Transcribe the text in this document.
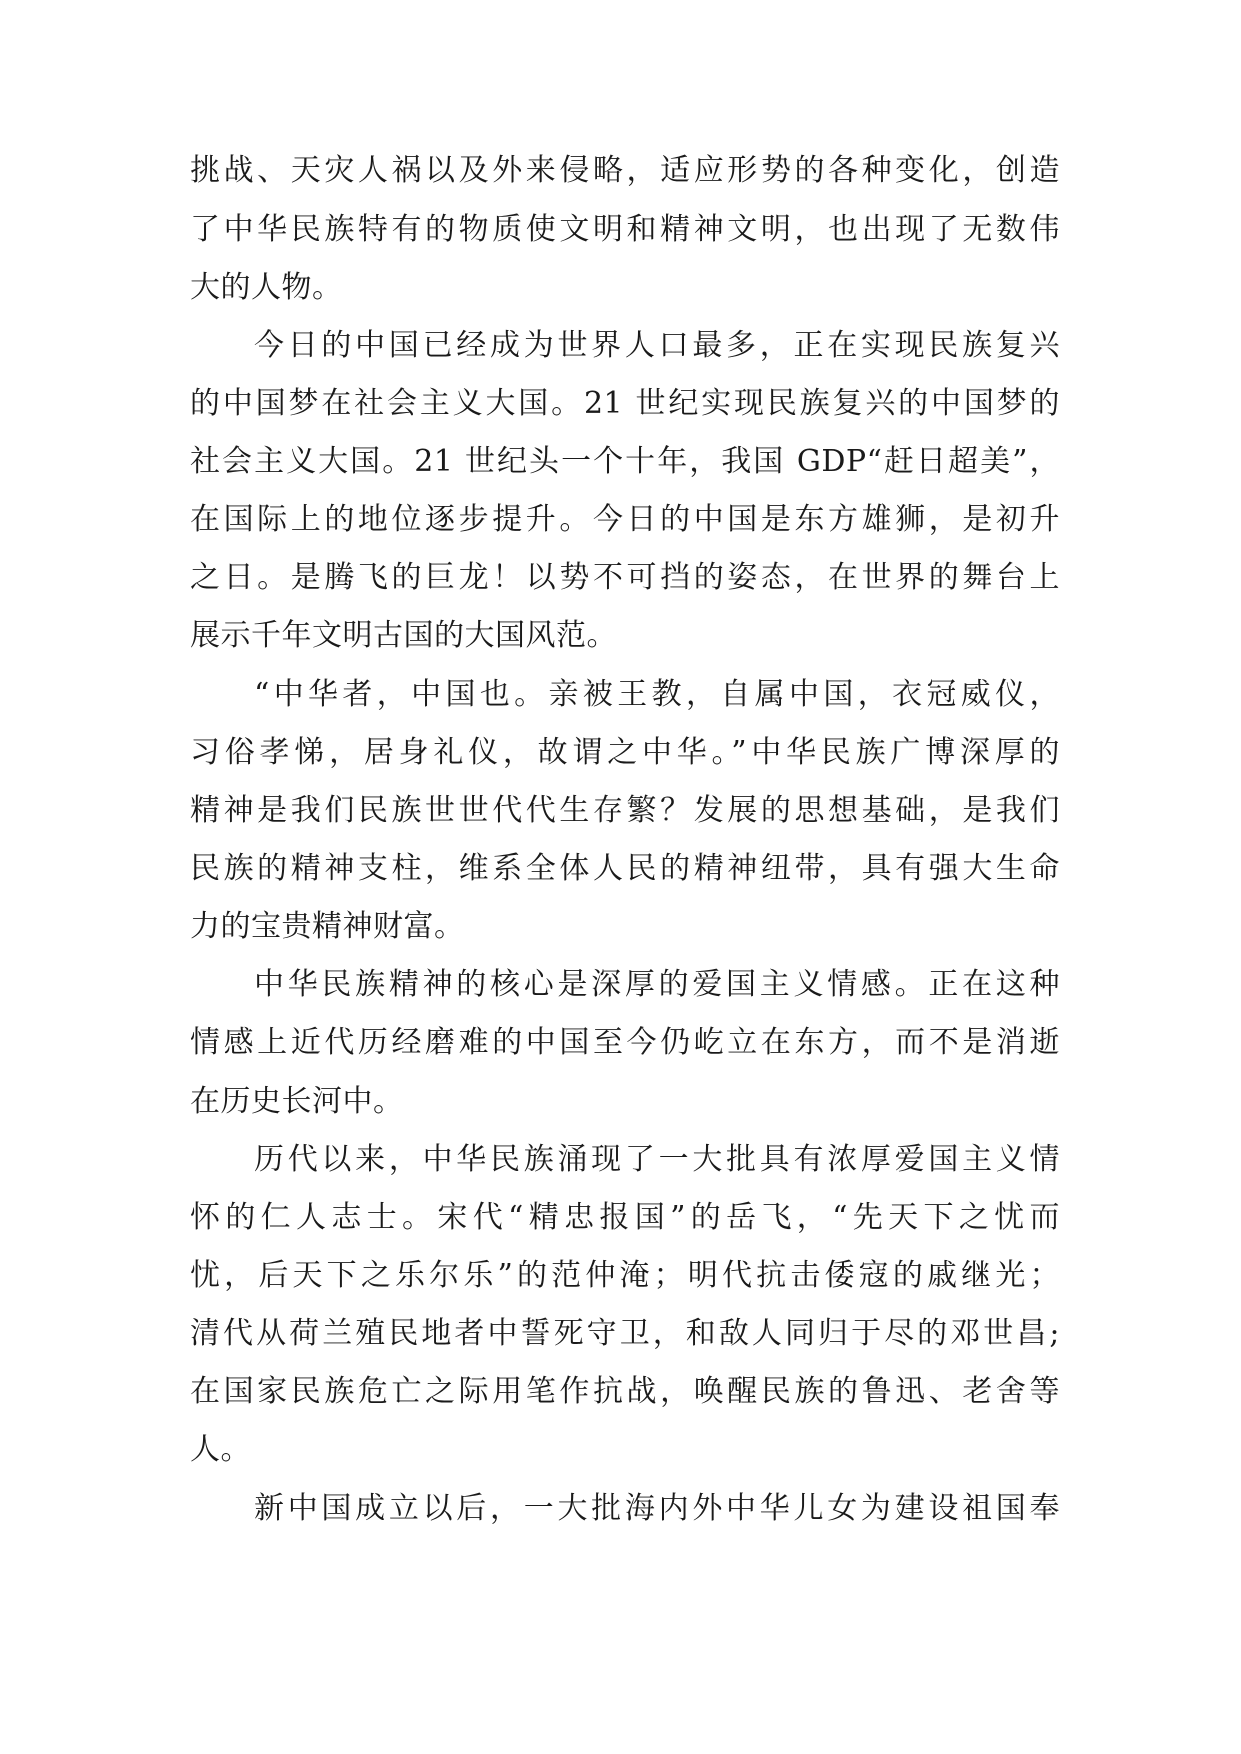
挑战、天灾人祸以及外来侵略，适应形势的各种变化，创造
了中华民族特有的物质使文明和精神文明，也出现了无数伟
大的人物。
今日的中国已经成为世界人口最多，正在实现民族复兴
的中国梦在社会主义大国。21 世纪实现民族复兴的中国梦的
社会主义大国。21 世纪头一个十年，我国 GDP“赶日超美”，
在国际上的地位逐步提升。今日的中国是东方雄狮，是初升
之日。是腾飞的巨龙！以势不可挡的姿态，在世界的舞台上
展示千年文明古国的大国风范。
“中华者，中国也。亲被王教，自属中国，衣冠威仪，
习俗孝悌，居身礼仪，故谓之中华。”中华民族广博深厚的
精神是我们民族世世代代生存繁？发展的思想基础，是我们
民族的精神支柱，维系全体人民的精神纽带，具有强大生命
力的宝贵精神财富。
中华民族精神的核心是深厚的爱国主义情感。正在这种
情感上近代历经磨难的中国至今仍屹立在东方，而不是消逝
在历史长河中。
历代以来，中华民族涌现了一大批具有浓厚爱国主义情
怀的仁人志士。宋代“精忠报国”的岳飞，“先天下之忧而
忧，后天下之乐尔乐”的范仲淹；明代抗击倭寇的戚继光；
清代从荷兰殖民地者中誓死守卫，和敌人同归于尽的邓世昌;
在国家民族危亡之际用笔作抗战，唤醒民族的鲁迅、老舍等
人。
新中国成立以后，一大批海内外中华儿女为建设祖国奉
